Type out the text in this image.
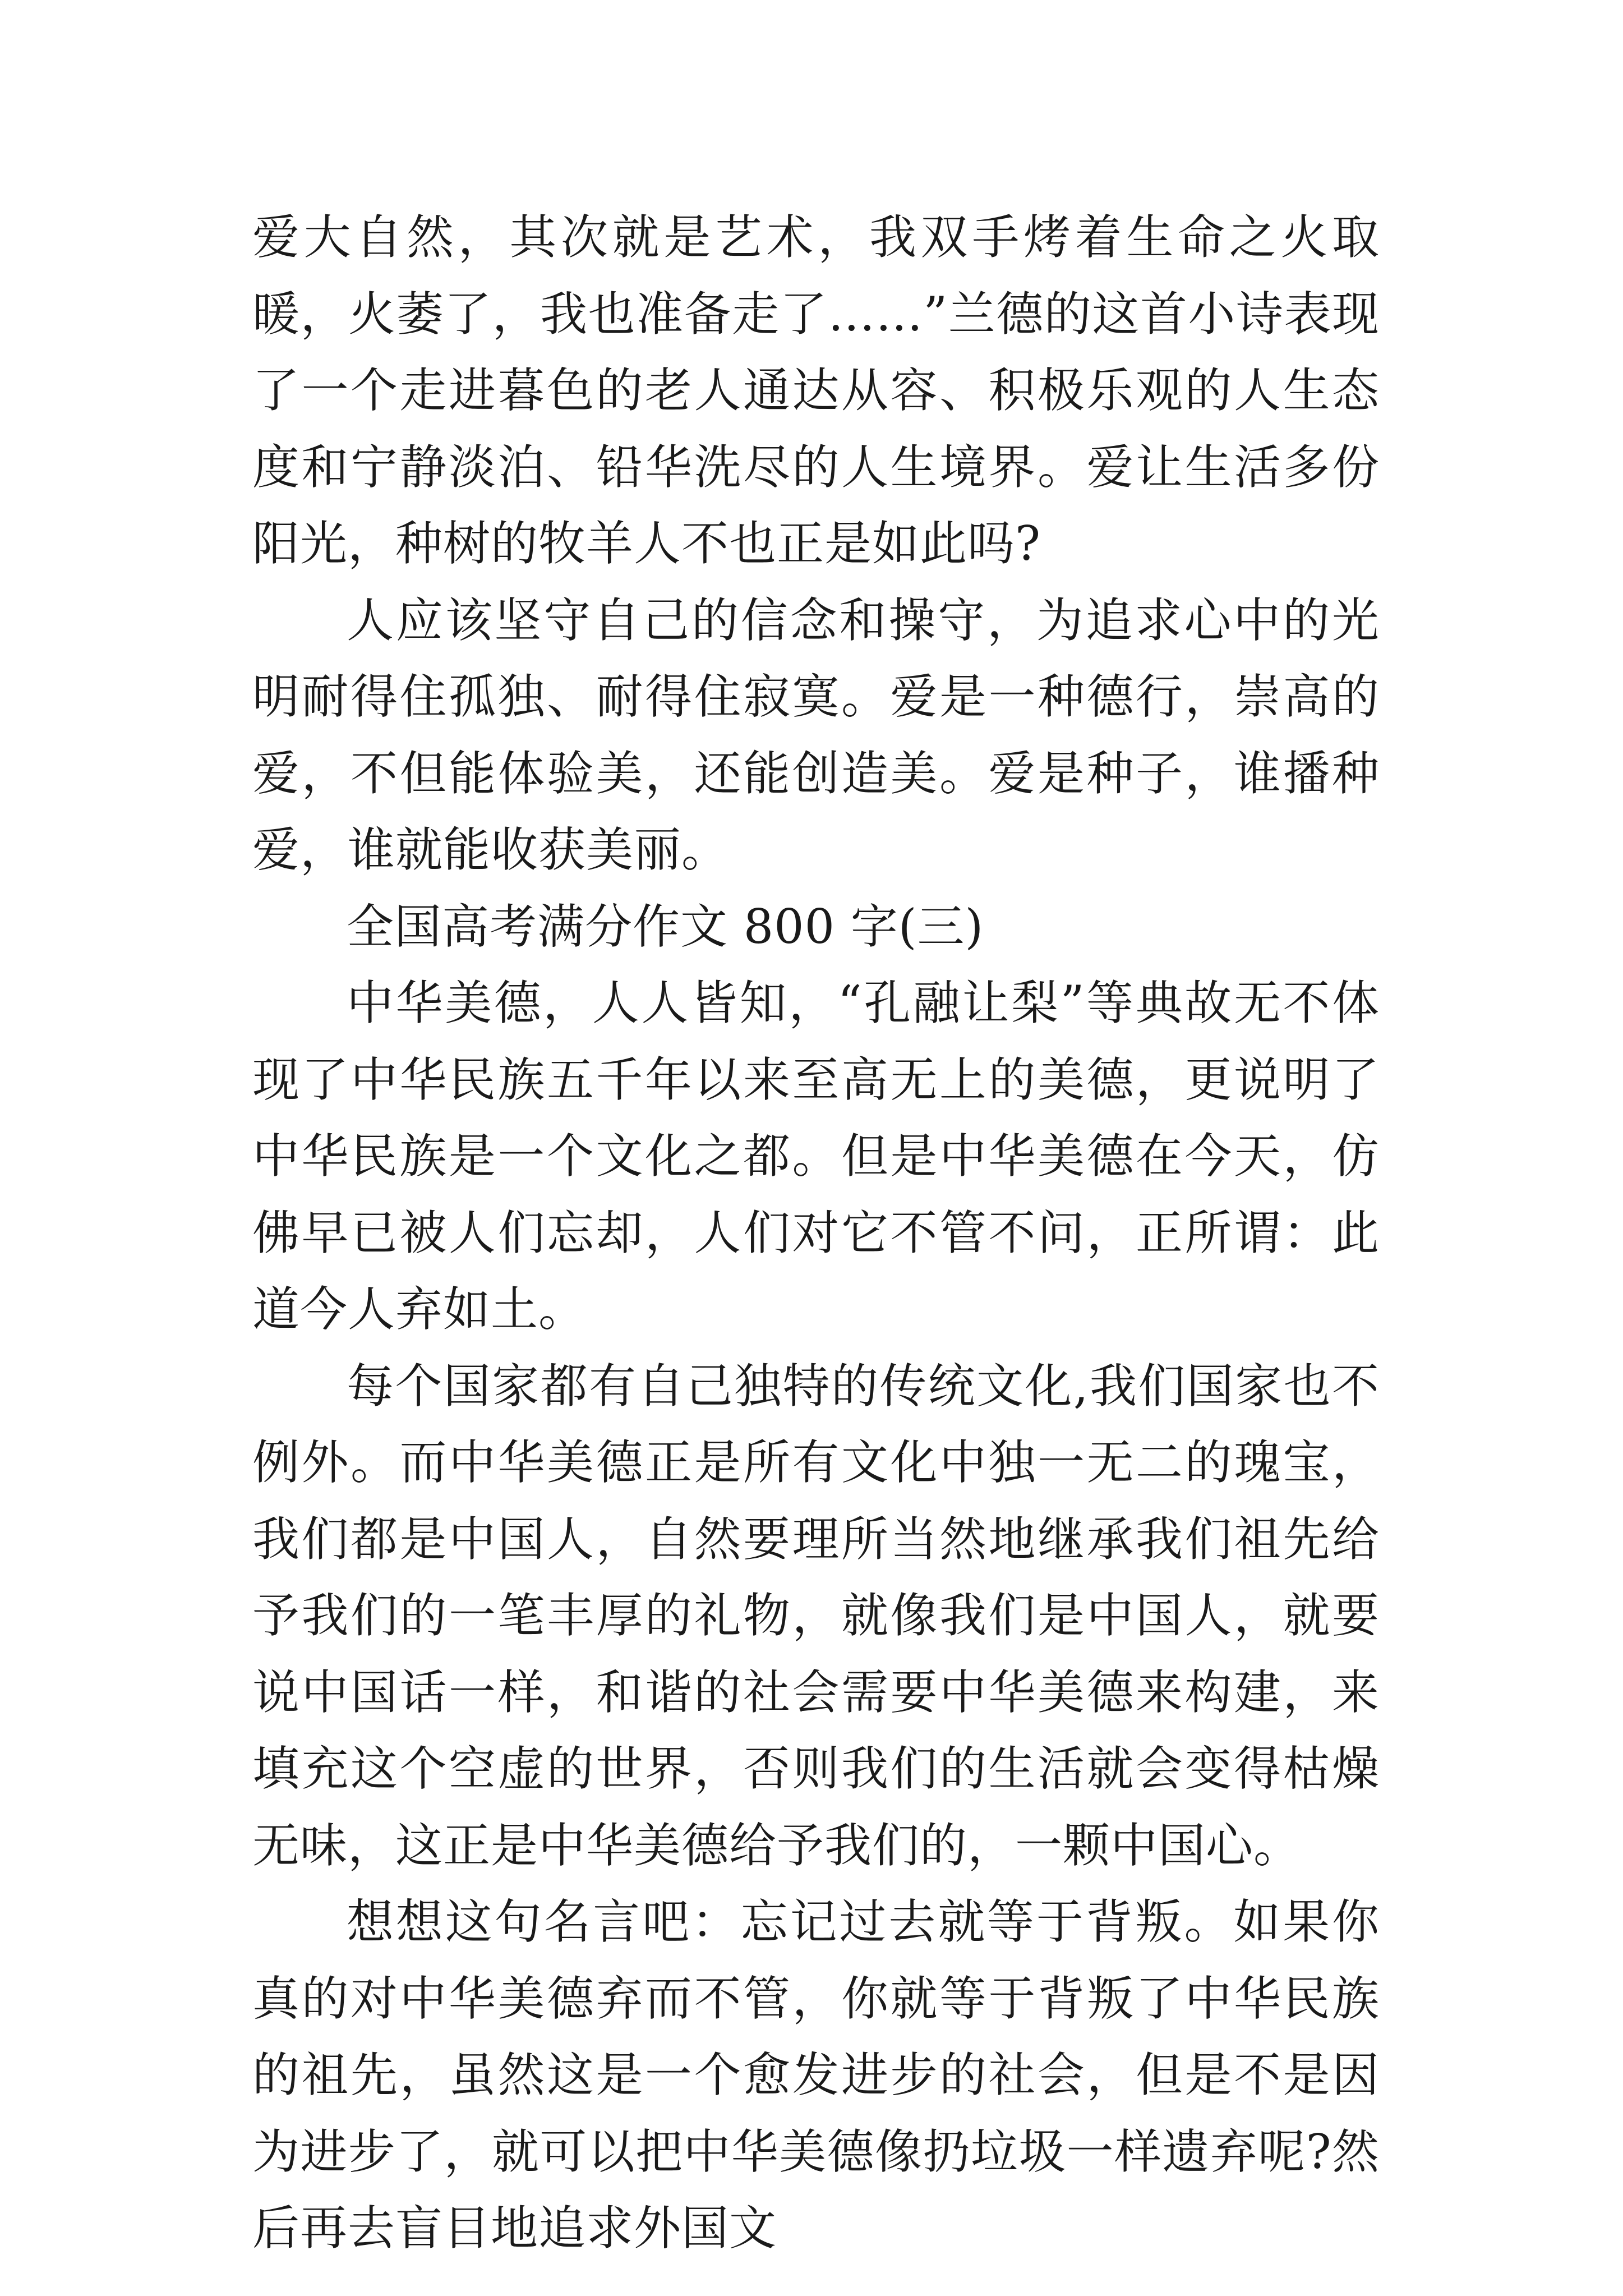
爱大自然，其次就是艺术，我双手烤着生命之火取暖，火萎了，我也准备走了……”兰德的这首小诗表现了一个走进暮色的老人通达从容、积极乐观的人生态度和宁静淡泊、铅华洗尽的人生境界。爱让生活多份阳光，种树的牧羊人不也正是如此吗?

人应该坚守自己的信念和操守，为追求心中的光明耐得住孤独、耐得住寂寞。爱是一种德行，崇高的爱，不但能体验美，还能创造美。爱是种子，谁播种爱，谁就能收获美丽。

全国高考满分作文 800 字(三)

中华美德，人人皆知，“孔融让梨”等典故无不体现了中华民族五千年以来至高无上的美德，更说明了中华民族是一个文化之都。但是中华美德在今天，仿佛早已被人们忘却，人们对它不管不问，正所谓：此道今人弃如土。

每个国家都有自己独特的传统文化,我们国家也不例外。而中华美德正是所有文化中独一无二的瑰宝，我们都是中国人，自然要理所当然地继承我们祖先给予我们的一笔丰厚的礼物，就像我们是中国人，就要说中国话一样，和谐的社会需要中华美德来构建，来填充这个空虚的世界，否则我们的生活就会变得枯燥无味，这正是中华美德给予我们的，一颗中国心。

想想这句名言吧：忘记过去就等于背叛。如果你真的对中华美德弃而不管，你就等于背叛了中华民族的祖先，虽然这是一个愈发进步的社会，但是不是因为进步了，就可以把中华美德像扔垃圾一样遗弃呢?然后再去盲目地追求外国文
